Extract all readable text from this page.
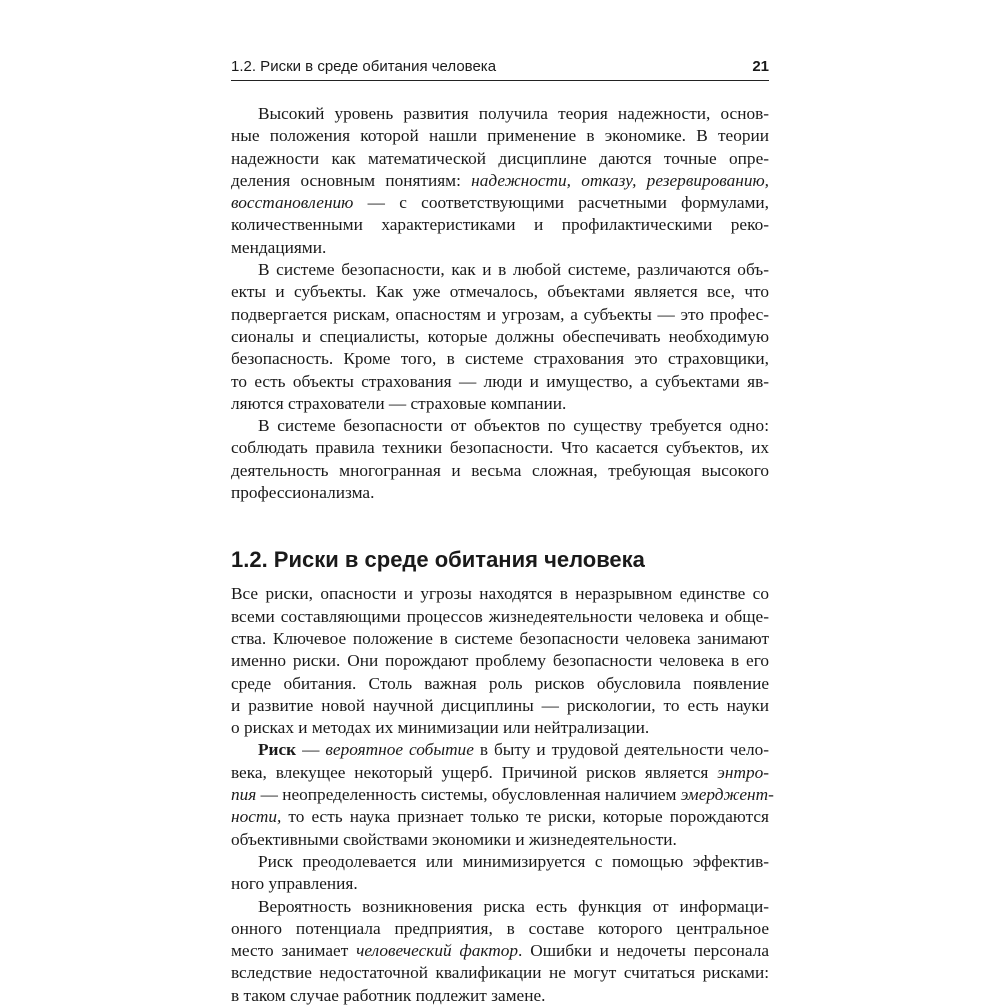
1.2. Риски в среде обитания человека	21
Высокий уровень развития получила теория надежности, основ-
ные положения которой нашли применение в экономике. В теории
надежности как математической дисциплине даются точные опре-
деления основным понятиям: надежности, отказу, резервированию,
восстановлению — с соответствующими расчетными формулами,
количественными характеристиками и профилактическими реко-
мендациями.
В системе безопасности, как и в любой системе, различаются объ-
екты и субъекты. Как уже отмечалось, объектами является все, что
подвергается рискам, опасностям и угрозам, а субъекты — это профес-
сионалы и специалисты, которые должны обеспечивать необходимую
безопасность. Кроме того, в системе страхования это страховщики,
то есть объекты страхования — люди и имущество, а субъектами яв-
ляются страхователи — страховые компании.
В системе безопасности от объектов по существу требуется одно:
соблюдать правила техники безопасности. Что касается субъектов, их
деятельность многогранная и весьма сложная, требующая высокого
профессионализма.
1.2. Риски в среде обитания человека
Все риски, опасности и угрозы находятся в неразрывном единстве со
всеми составляющими процессов жизнедеятельности человека и обще-
ства. Ключевое положение в системе безопасности человека занимают
именно риски. Они порождают проблему безопасности человека в его
среде обитания. Столь важная роль рисков обусловила появление
и развитие новой научной дисциплины — рискологии, то есть науки
о рисках и методах их минимизации или нейтрализации.
Риск — вероятное событие в быту и трудовой деятельности чело-
века, влекущее некоторый ущерб. Причиной рисков является энтро-
пия — неопределенность системы, обусловленная наличием эмерджент-
ности, то есть наука признает только те риски, которые порождаются
объективными свойствами экономики и жизнедеятельности.
Риск преодолевается или минимизируется с помощью эффектив-
ного управления.
Вероятность возникновения риска есть функция от информаци-
онного потенциала предприятия, в составе которого центральное
место занимает человеческий фактор. Ошибки и недочеты персонала
вследствие недостаточной квалификации не могут считаться рисками:
в таком случае работник подлежит замене.
